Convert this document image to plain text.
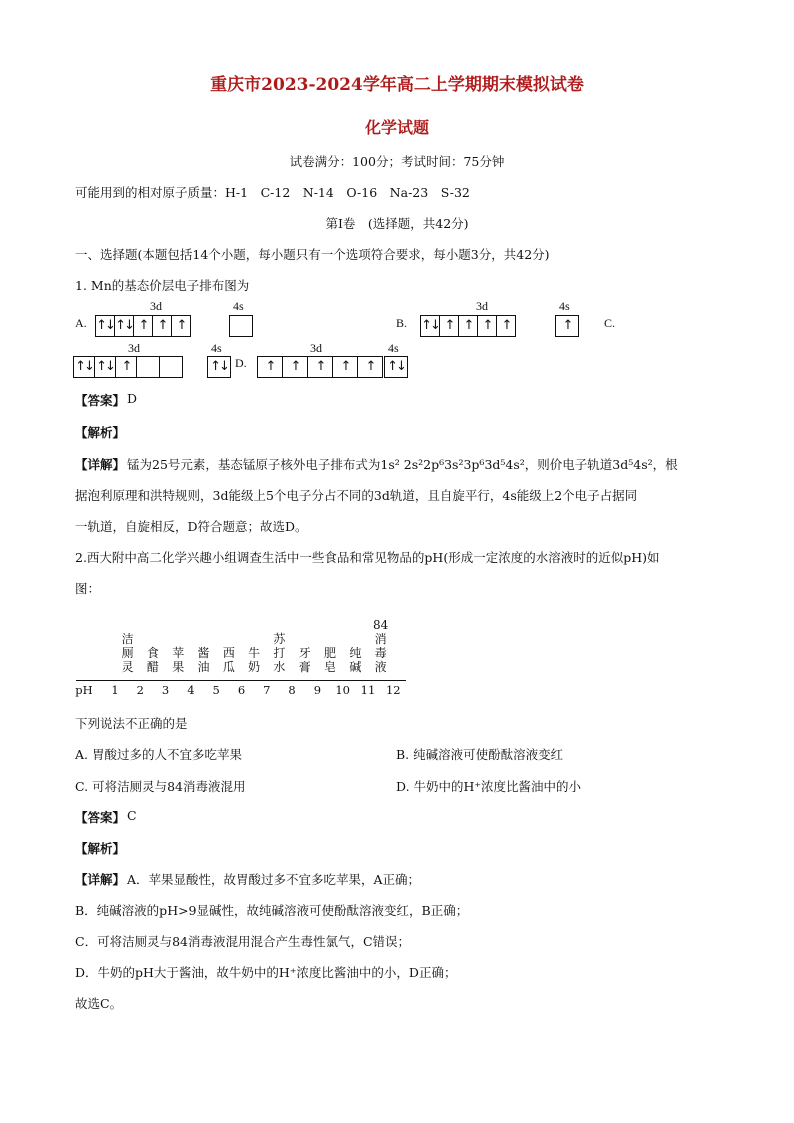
重庆市2023-2024学年高二上学期期末模拟试卷
化学试题
试卷满分：100分；考试时间：75分钟
可能用到的相对原子质量：H-1　C-12　N-14　O-16　Na-23　S-32
第Ⅰ卷　(选择题，共42分)
一、选择题(本题包括14个小题，每小题只有一个选项符合要求，每小题3分，共42分)
1. Mn的基态价层电子排布图为
A.
3d	4s
↑↓ ↑↓ ↑ ↑ ↑	B.
3d	4s
↑↓ ↑ ↑ ↑ ↑	↑	C.
3d	4s
↑↓ ↑↓ ↑	↑↓ D.
3d	4s
↑	↑	↑	↑	↑ ↑↓
【答案】 D
【解析】
【详解】 锰为25号元素，基态锰原子核外电子排布式为1s² 2s²2p⁶3s²3p⁶3d⁵4s²，则价电子轨道3d⁵4s²，根
据泡利原理和洪特规则，3d能级上5个电子分占不同的3d轨道，且自旋平行，4s能级上2个电子占据同
一轨道，自旋相反，D符合题意；故选D。
2.西大附中高二化学兴趣小组调查生活中一些食品和常见物品的pH(形成一定浓度的水溶液时的近似pH)如
图：
pH	1	2	3	4	5	6	7	8	9	10 11 12
洁厕灵
食醋
苹果
酱油
西瓜
牛奶
苏打水
牙膏
肥皂
纯碱
84消毒液
下列说法不正确的是
A. 胃酸过多的人不宜多吃苹果	B. 纯碱溶液可使酚酞溶液变红
C. 可将洁厕灵与84消毒液混用	D. 牛奶中的H⁺浓度比酱油中的小
【答案】 C
【解析】
【详解】 A．苹果显酸性，故胃酸过多不宜多吃苹果，A正确；
B．纯碱溶液的pH>9显碱性，故纯碱溶液可使酚酞溶液变红，B正确；
C．可将洁厕灵与84消毒液混用混合产生毒性氯气，C错误；
D．牛奶的pH大于酱油，故牛奶中的H⁺浓度比酱油中的小，D正确；
故选C。
